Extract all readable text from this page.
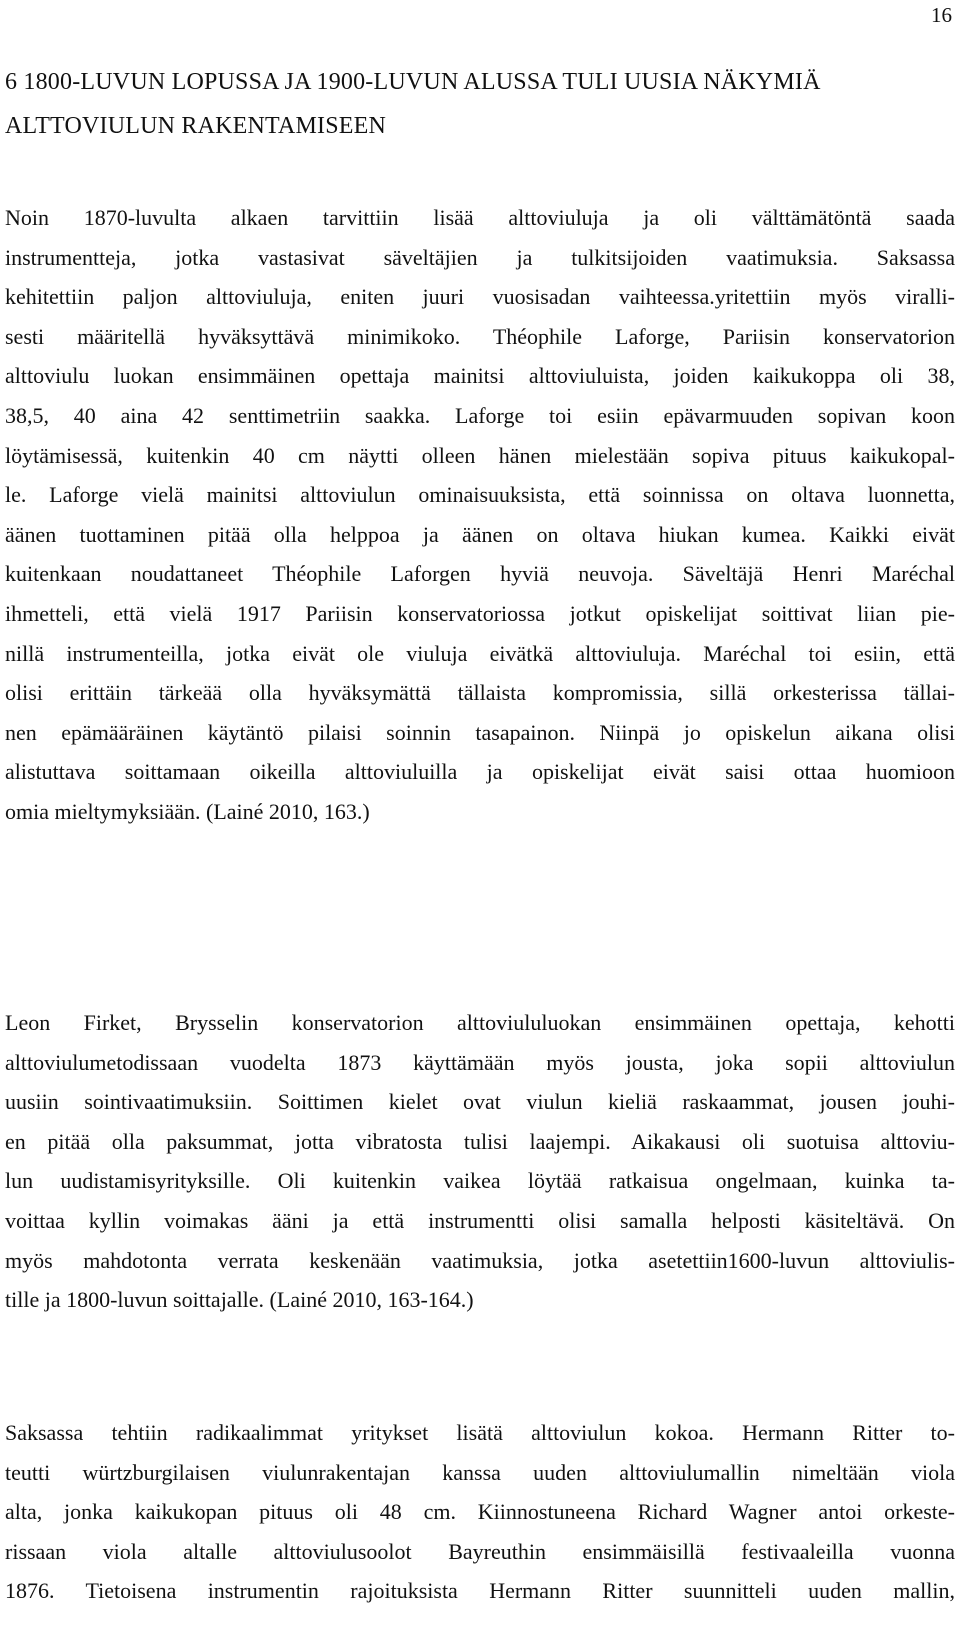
16
6 1800-LUVUN LOPUSSA JA 1900-LUVUN ALUSSA TULI UUSIA NÄKYMIÄ
ALTTOVIULUN RAKENTAMISEEN
Noin 1870-luvulta alkaen tarvittiin lisää alttoviuluja ja oli välttämätöntä saada
instrumentteja, jotka vastasivat säveltäjien ja tulkitsijoiden vaatimuksia. Saksassa
kehitettiin paljon alttoviuluja, eniten juuri vuosisadan vaihteessa.yritettiin myös viralli-
sesti määritellä hyväksyttävä minimikoko. Théophile Laforge, Pariisin konservatorion
alttoviulu luokan ensimmäinen opettaja mainitsi alttoviuluista, joiden kaikukoppa oli 38,
38,5, 40 aina 42 senttimetriin saakka. Laforge toi esiin epävarmuuden sopivan koon
löytämisessä, kuitenkin 40 cm näytti olleen hänen mielestään sopiva pituus kaikukopal-
le. Laforge vielä mainitsi alttoviulun ominaisuuksista, että soinnissa on oltava luonnetta,
äänen tuottaminen pitää olla helppoa ja äänen on oltava hiukan kumea. Kaikki eivät
kuitenkaan noudattaneet Théophile Laforgen hyviä neuvoja. Säveltäjä Henri Maréchal
ihmetteli, että vielä 1917 Pariisin konservatoriossa jotkut opiskelijat soittivat liian pie-
nillä instrumenteilla, jotka eivät ole viuluja eivätkä alttoviuluja. Maréchal toi esiin, että
olisi erittäin tärkeää olla hyväksymättä tällaista kompromissia, sillä orkesterissa tällai-
nen epämääräinen käytäntö pilaisi soinnin tasapainon. Niinpä jo opiskelun aikana olisi
alistuttava soittamaan oikeilla alttoviuluilla ja opiskelijat eivät saisi ottaa huomioon
omia mieltymyksiään. (Lainé 2010, 163.)
Leon Firket, Brysselin konservatorion alttoviululuokan ensimmäinen opettaja, kehotti
alttoviulumetodissaan vuodelta 1873 käyttämään myös jousta, joka sopii alttoviulun
uusiin sointivaatimuksiin. Soittimen kielet ovat viulun kieliä raskaammat, jousen jouhi-
en pitää olla paksummat, jotta vibratosta tulisi laajempi. Aikakausi oli suotuisa alttoviu-
lun uudistamisyrityksille. Oli kuitenkin vaikea löytää ratkaisua ongelmaan, kuinka ta-
voittaa kyllin voimakas ääni ja että instrumentti olisi samalla helposti käsiteltävä. On
myös mahdotonta verrata keskenään vaatimuksia, jotka asetettiin1600-luvun alttoviulis-
tille ja 1800-luvun soittajalle. (Lainé 2010, 163-164.)
Saksassa tehtiin radikaalimmat yritykset lisätä alttoviulun kokoa. Hermann Ritter to-
teutti würtzburgilaisen viulunrakentajan kanssa uuden alttoviulumallin nimeltään viola
alta, jonka kaikukopan pituus oli 48 cm. Kiinnostuneena Richard Wagner antoi orkeste-
rissaan viola altalle alttoviulusoolot Bayreuthin ensimmäisillä festivaaleilla vuonna
1876. Tietoisena instrumentin rajoituksista Hermann Ritter suunnitteli uuden mallin,
